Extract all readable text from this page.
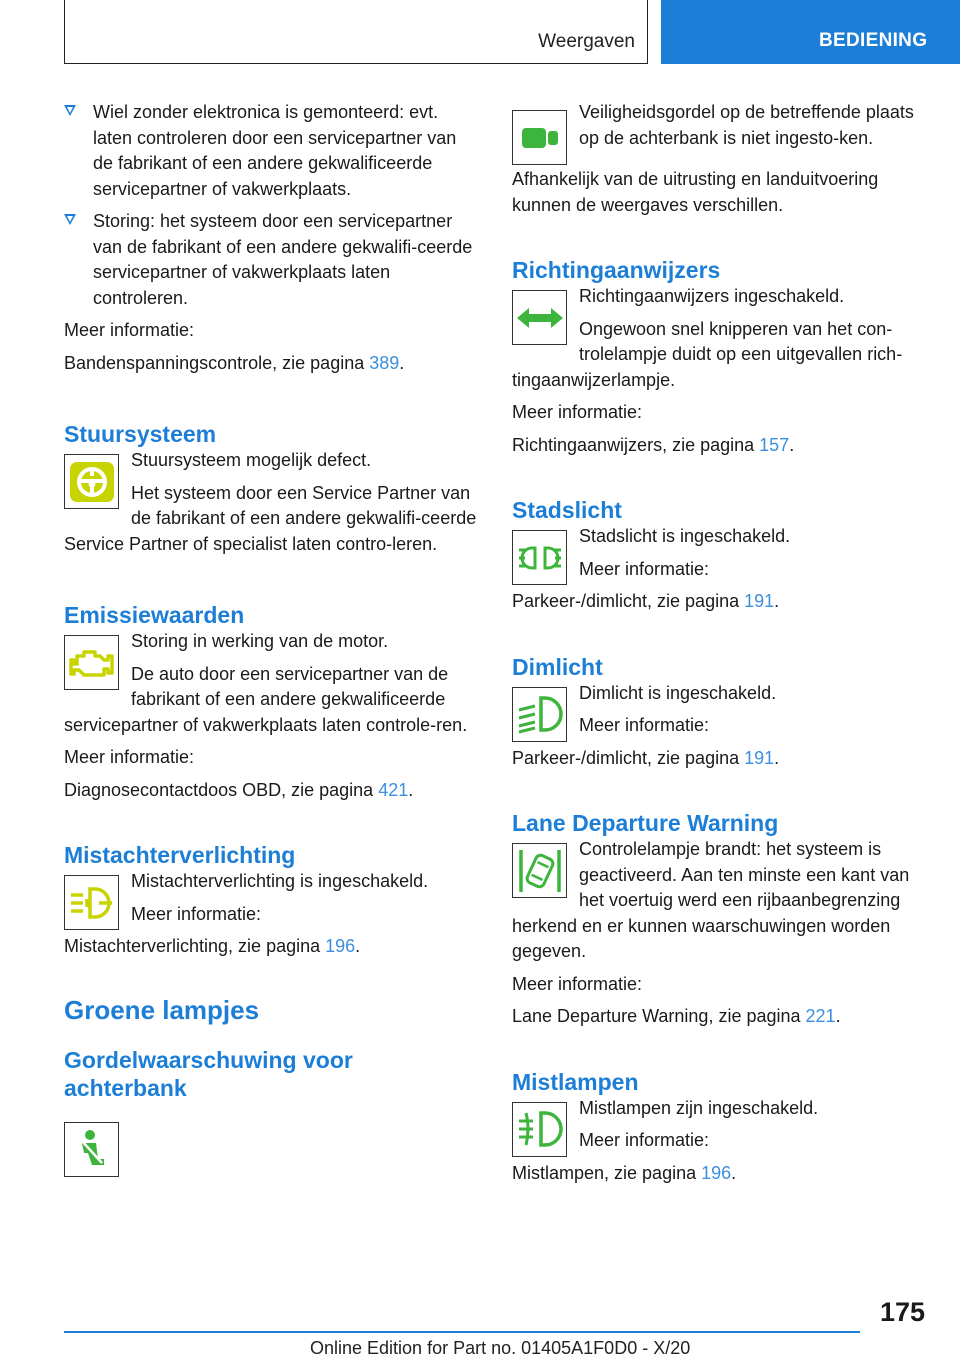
Weergaven	BEDIENING
Wiel zonder elektronica is gemonteerd: evt. laten controleren door een servicepartner van de fabrikant of een andere gekwalificeerde servicepartner of vakwerkplaats.
Storing: het systeem door een servicepartner van de fabrikant of een andere gekwalifi-ceerde servicepartner of vakwerkplaats laten controleren.

Meer informatie:

Bandenspanningscontrole, zie pagina 389.

Stuursysteem

Stuursysteem mogelijk defect.

Het systeem door een Service Partner van de fabrikant of een andere gekwalifi-ceerde Service Partner of specialist laten contro-leren.

Emissiewaarden

Storing in werking van de motor.

De auto door een servicepartner van de fabrikant of een andere gekwalificeerde servicepartner of vakwerkplaats laten controle-ren.

Meer informatie:

Diagnosecontactdoos OBD, zie pagina 421.

Mistachterverlichting

Mistachterverlichting is ingeschakeld.

Meer informatie:

Mistachterverlichting, zie pagina 196.

Groene lampjes
Gordelwaarschuwing voor achterbank

Veiligheidsgordel op de betreffende plaats op de achterbank is niet ingesto-ken.

Afhankelijk van de uitrusting en landuitvoering kunnen de weergaves verschillen.

Richtingaanwijzers

Richtingaanwijzers ingeschakeld.

Ongewoon snel knipperen van het con-trolelampje duidt op een uitgevallen rich-tingaanwijzerlampje.

Meer informatie:

Richtingaanwijzers, zie pagina 157.

Stadslicht

Stadslicht is ingeschakeld.

Meer informatie:

Parkeer-/dimlicht, zie pagina 191.

Dimlicht

Dimlicht is ingeschakeld.

Meer informatie:

Parkeer-/dimlicht, zie pagina 191.

Lane Departure Warning

Controlelampje brandt: het systeem is geactiveerd. Aan ten minste een kant van het voertuig werd een rijbaanbegrenzing herkend en er kunnen waarschuwingen worden gegeven.

Meer informatie:

Lane Departure Warning, zie pagina 221.

Mistlampen

Mistlampen zijn ingeschakeld.

Meer informatie:

Mistlampen, zie pagina 196.

175
Online Edition for Part no. 01405A1F0D0 - X/20
